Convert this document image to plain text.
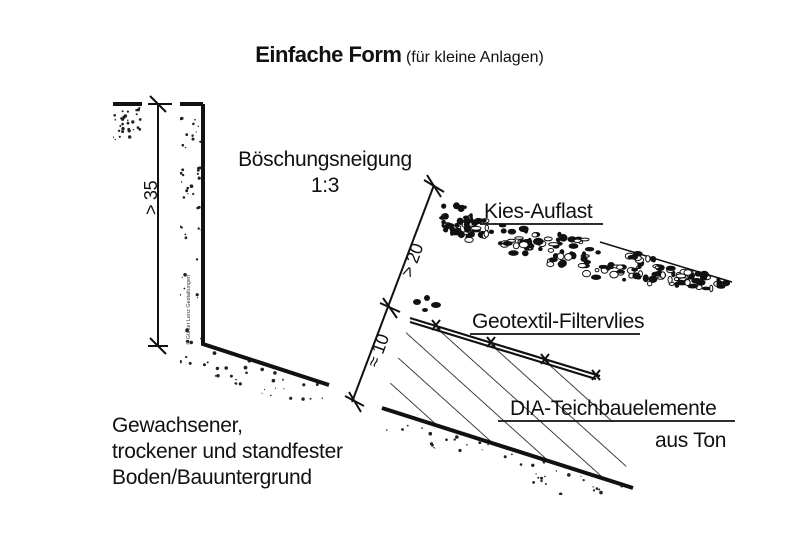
Einfache Form (für kleine Anlagen)
© Günter Lenz Gestaltungen
Böschungsneigung
1:3
Kies-Auflast
Geotextil-Filtervlies
DIA-Teichbauelemente
aus Ton
Gewachsener,
trockener und standfester
Boden/Bauuntergrund
> 35
> 20
≈ 10
